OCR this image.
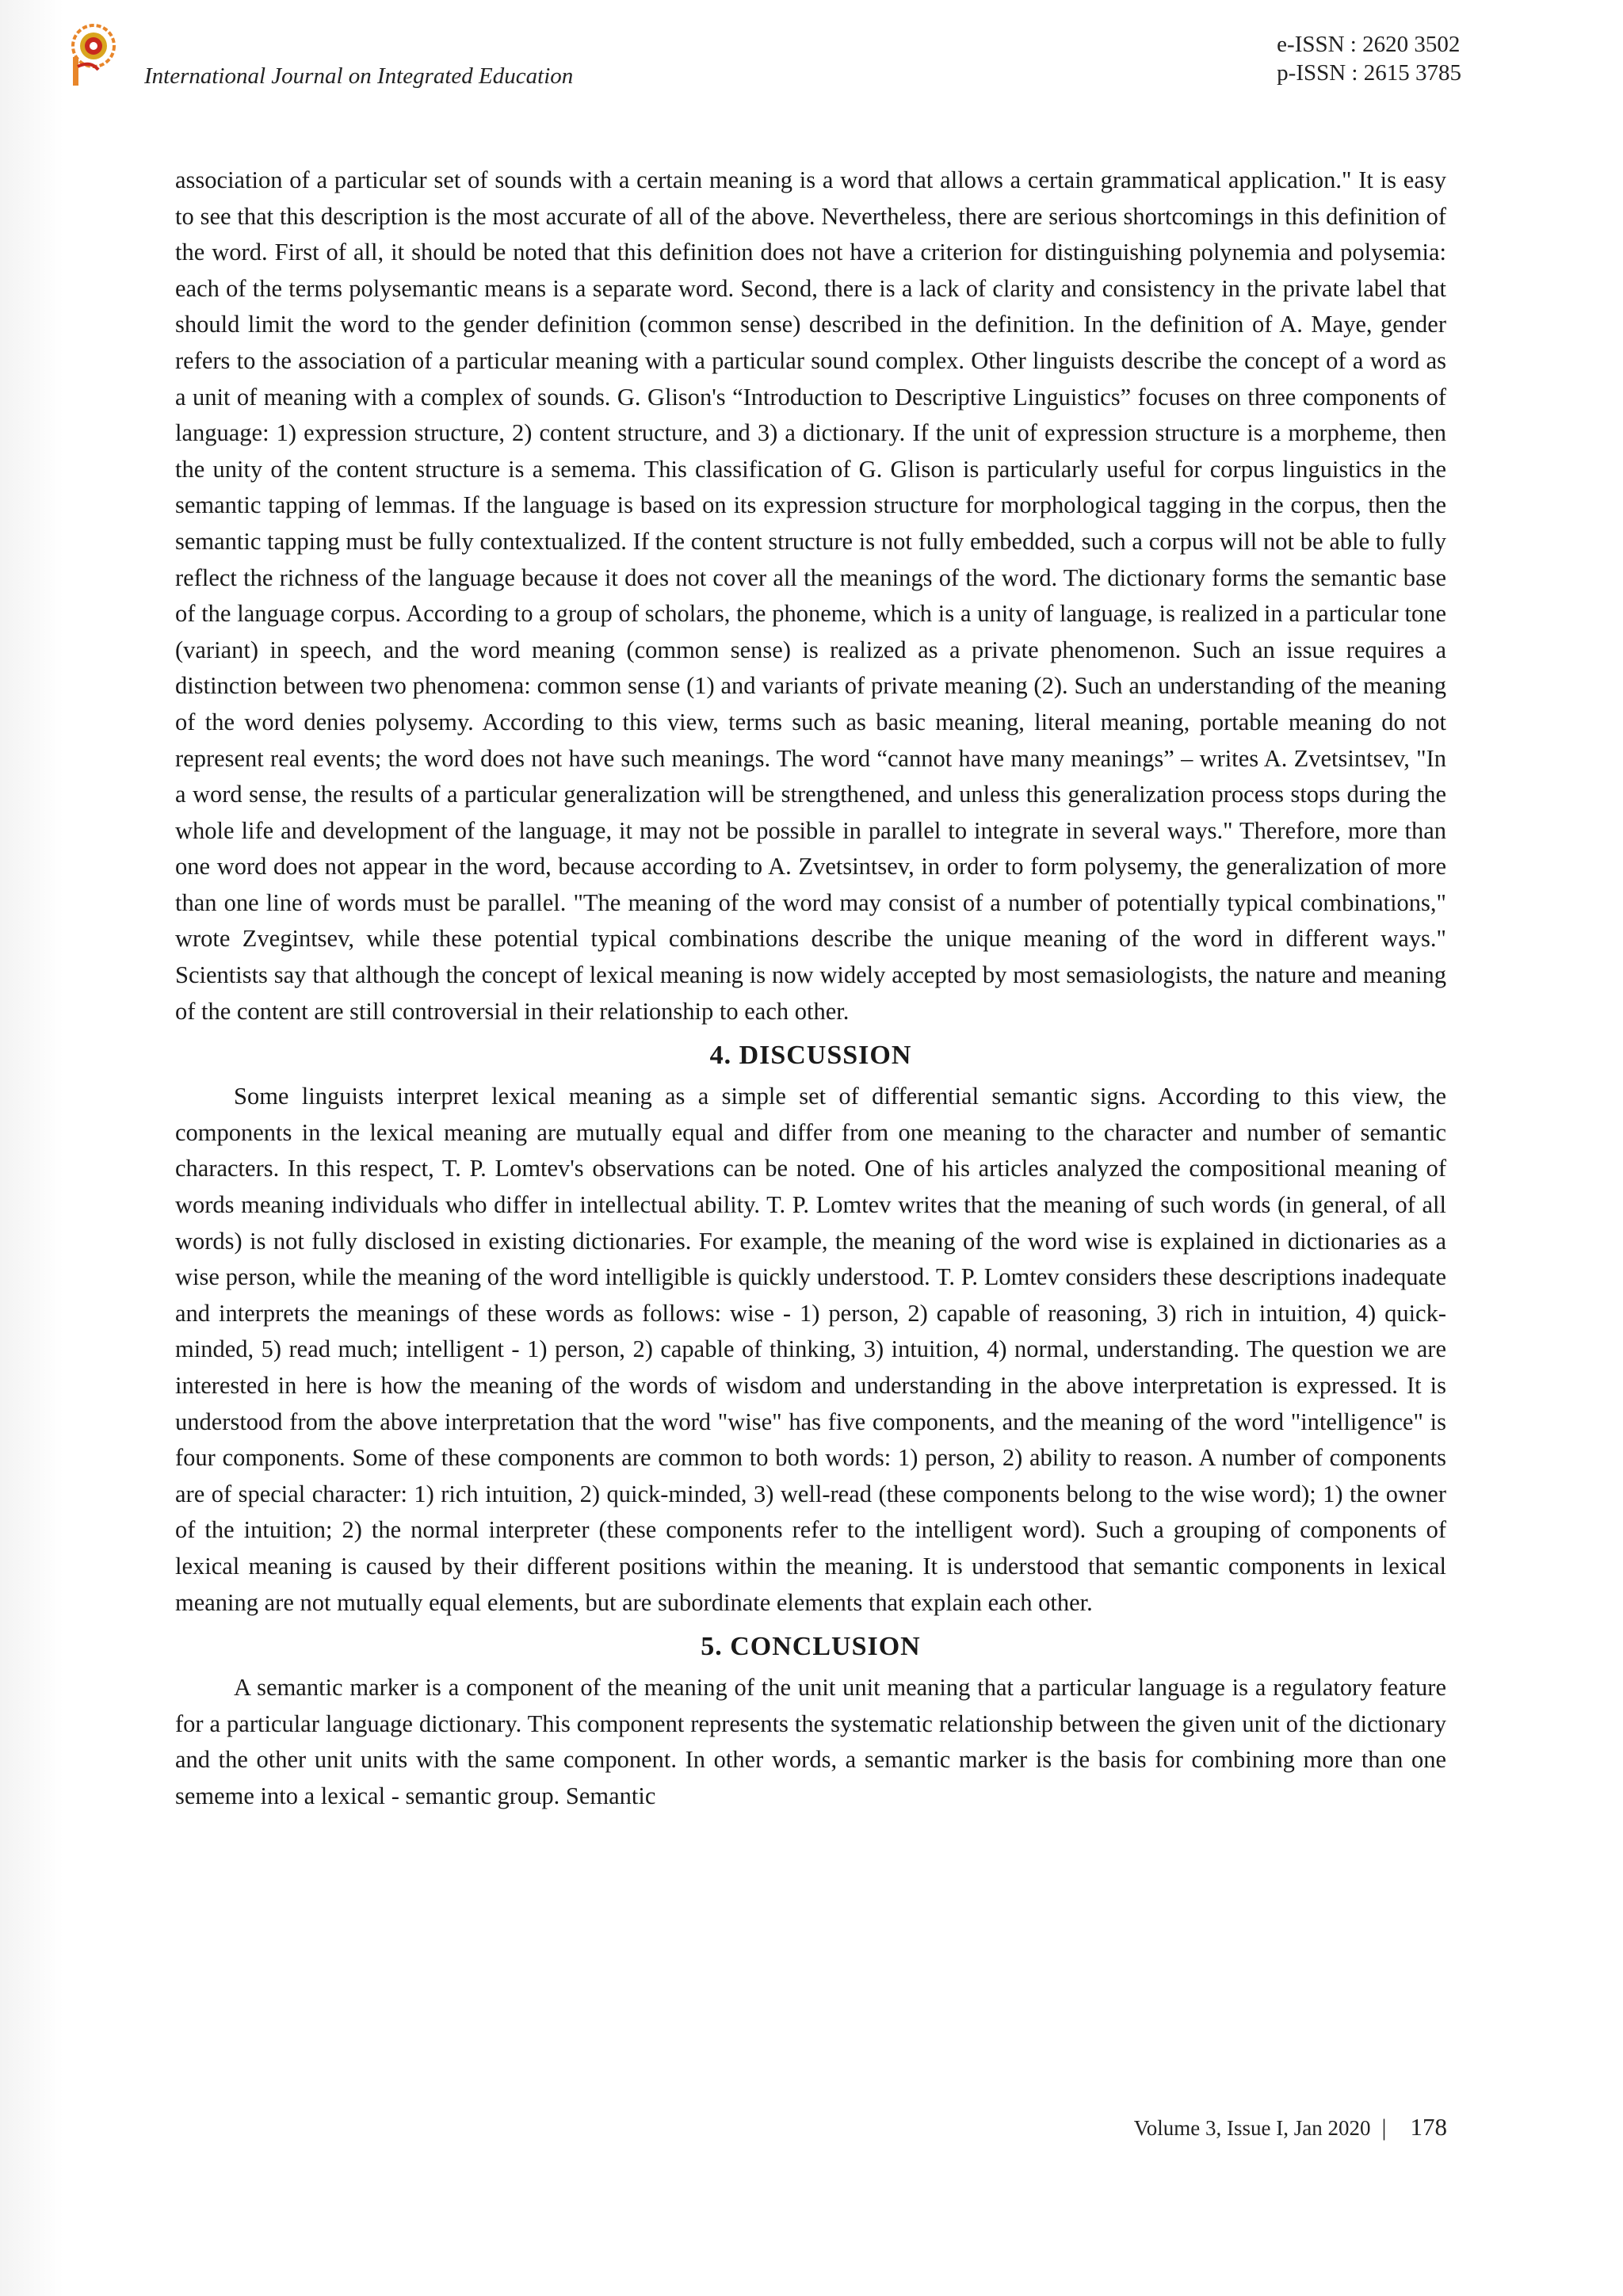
International Journal on Integrated Education
e-ISSN : 2620 3502
p-ISSN : 2615 3785

association of a particular set of sounds with a certain meaning is a word that allows a certain grammatical application." It is easy to see that this description is the most accurate of all of the above. Nevertheless, there are serious shortcomings in this definition of the word. First of all, it should be noted that this definition does not have a criterion for distinguishing polynemia and polysemia: each of the terms polysemantic means is a separate word. Second, there is a lack of clarity and consistency in the private label that should limit the word to the gender definition (common sense) described in the definition. In the definition of A. Maye, gender refers to the association of a particular meaning with a particular sound complex. Other linguists describe the concept of a word as a unit of meaning with a complex of sounds. G. Glison's “Introduction to Descriptive Linguistics” focuses on three components of language: 1) expression structure, 2) content structure, and 3) a dictionary. If the unit of expression structure is a morpheme, then the unity of the content structure is a semema. This classification of G. Glison is particularly useful for corpus linguistics in the semantic tapping of lemmas. If the language is based on its expression structure for morphological tagging in the corpus, then the semantic tapping must be fully contextualized. If the content structure is not fully embedded, such a corpus will not be able to fully reflect the richness of the language because it does not cover all the meanings of the word. The dictionary forms the semantic base of the language corpus. According to a group of scholars, the phoneme, which is a unity of language, is realized in a particular tone (variant) in speech, and the word meaning (common sense) is realized as a private phenomenon. Such an issue requires a distinction between two phenomena: common sense (1) and variants of private meaning (2). Such an understanding of the meaning of the word denies polysemy. According to this view, terms such as basic meaning, literal meaning, portable meaning do not represent real events; the word does not have such meanings. The word “cannot have many meanings” – writes A. Zvetsintsev, "In a word sense, the results of a particular generalization will be strengthened, and unless this generalization process stops during the whole life and development of the language, it may not be possible in parallel to integrate in several ways." Therefore, more than one word does not appear in the word, because according to A. Zvetsintsev, in order to form polysemy, the generalization of more than one line of words must be parallel. "The meaning of the word may consist of a number of potentially typical combinations," wrote Zvegintsev, while these potential typical combinations describe the unique meaning of the word in different ways." Scientists say that although the concept of lexical meaning is now widely accepted by most semasiologists, the nature and meaning of the content are still controversial in their relationship to each other.

4. DISCUSSION

Some linguists interpret lexical meaning as a simple set of differential semantic signs. According to this view, the components in the lexical meaning are mutually equal and differ from one meaning to the character and number of semantic characters. In this respect, T. P. Lomtev's observations can be noted. One of his articles analyzed the compositional meaning of words meaning individuals who differ in intellectual ability. T. P. Lomtev writes that the meaning of such words (in general, of all words) is not fully disclosed in existing dictionaries. For example, the meaning of the word wise is explained in dictionaries as a wise person, while the meaning of the word intelligible is quickly understood. T. P. Lomtev considers these descriptions inadequate and interprets the meanings of these words as follows: wise - 1) person, 2) capable of reasoning, 3) rich in intuition, 4) quick-minded, 5) read much; intelligent - 1) person, 2) capable of thinking, 3) intuition, 4) normal, understanding. The question we are interested in here is how the meaning of the words of wisdom and understanding in the above interpretation is expressed. It is understood from the above interpretation that the word "wise" has five components, and the meaning of the word "intelligence" is four components. Some of these components are common to both words: 1) person, 2) ability to reason. A number of components are of special character: 1) rich intuition, 2) quick-minded, 3) well-read (these components belong to the wise word); 1) the owner of the intuition; 2) the normal interpreter (these components refer to the intelligent word). Such a grouping of components of lexical meaning is caused by their different positions within the meaning. It is understood that semantic components in lexical meaning are not mutually equal elements, but are subordinate elements that explain each other.

5. CONCLUSION

A semantic marker is a component of the meaning of the unit unit meaning that a particular language is a regulatory feature for a particular language dictionary. This component represents the systematic relationship between the given unit of the dictionary and the other unit units with the same component. In other words, a semantic marker is the basis for combining more than one sememe into a lexical - semantic group. Semantic

Volume 3, Issue I, Jan 2020 | 178
